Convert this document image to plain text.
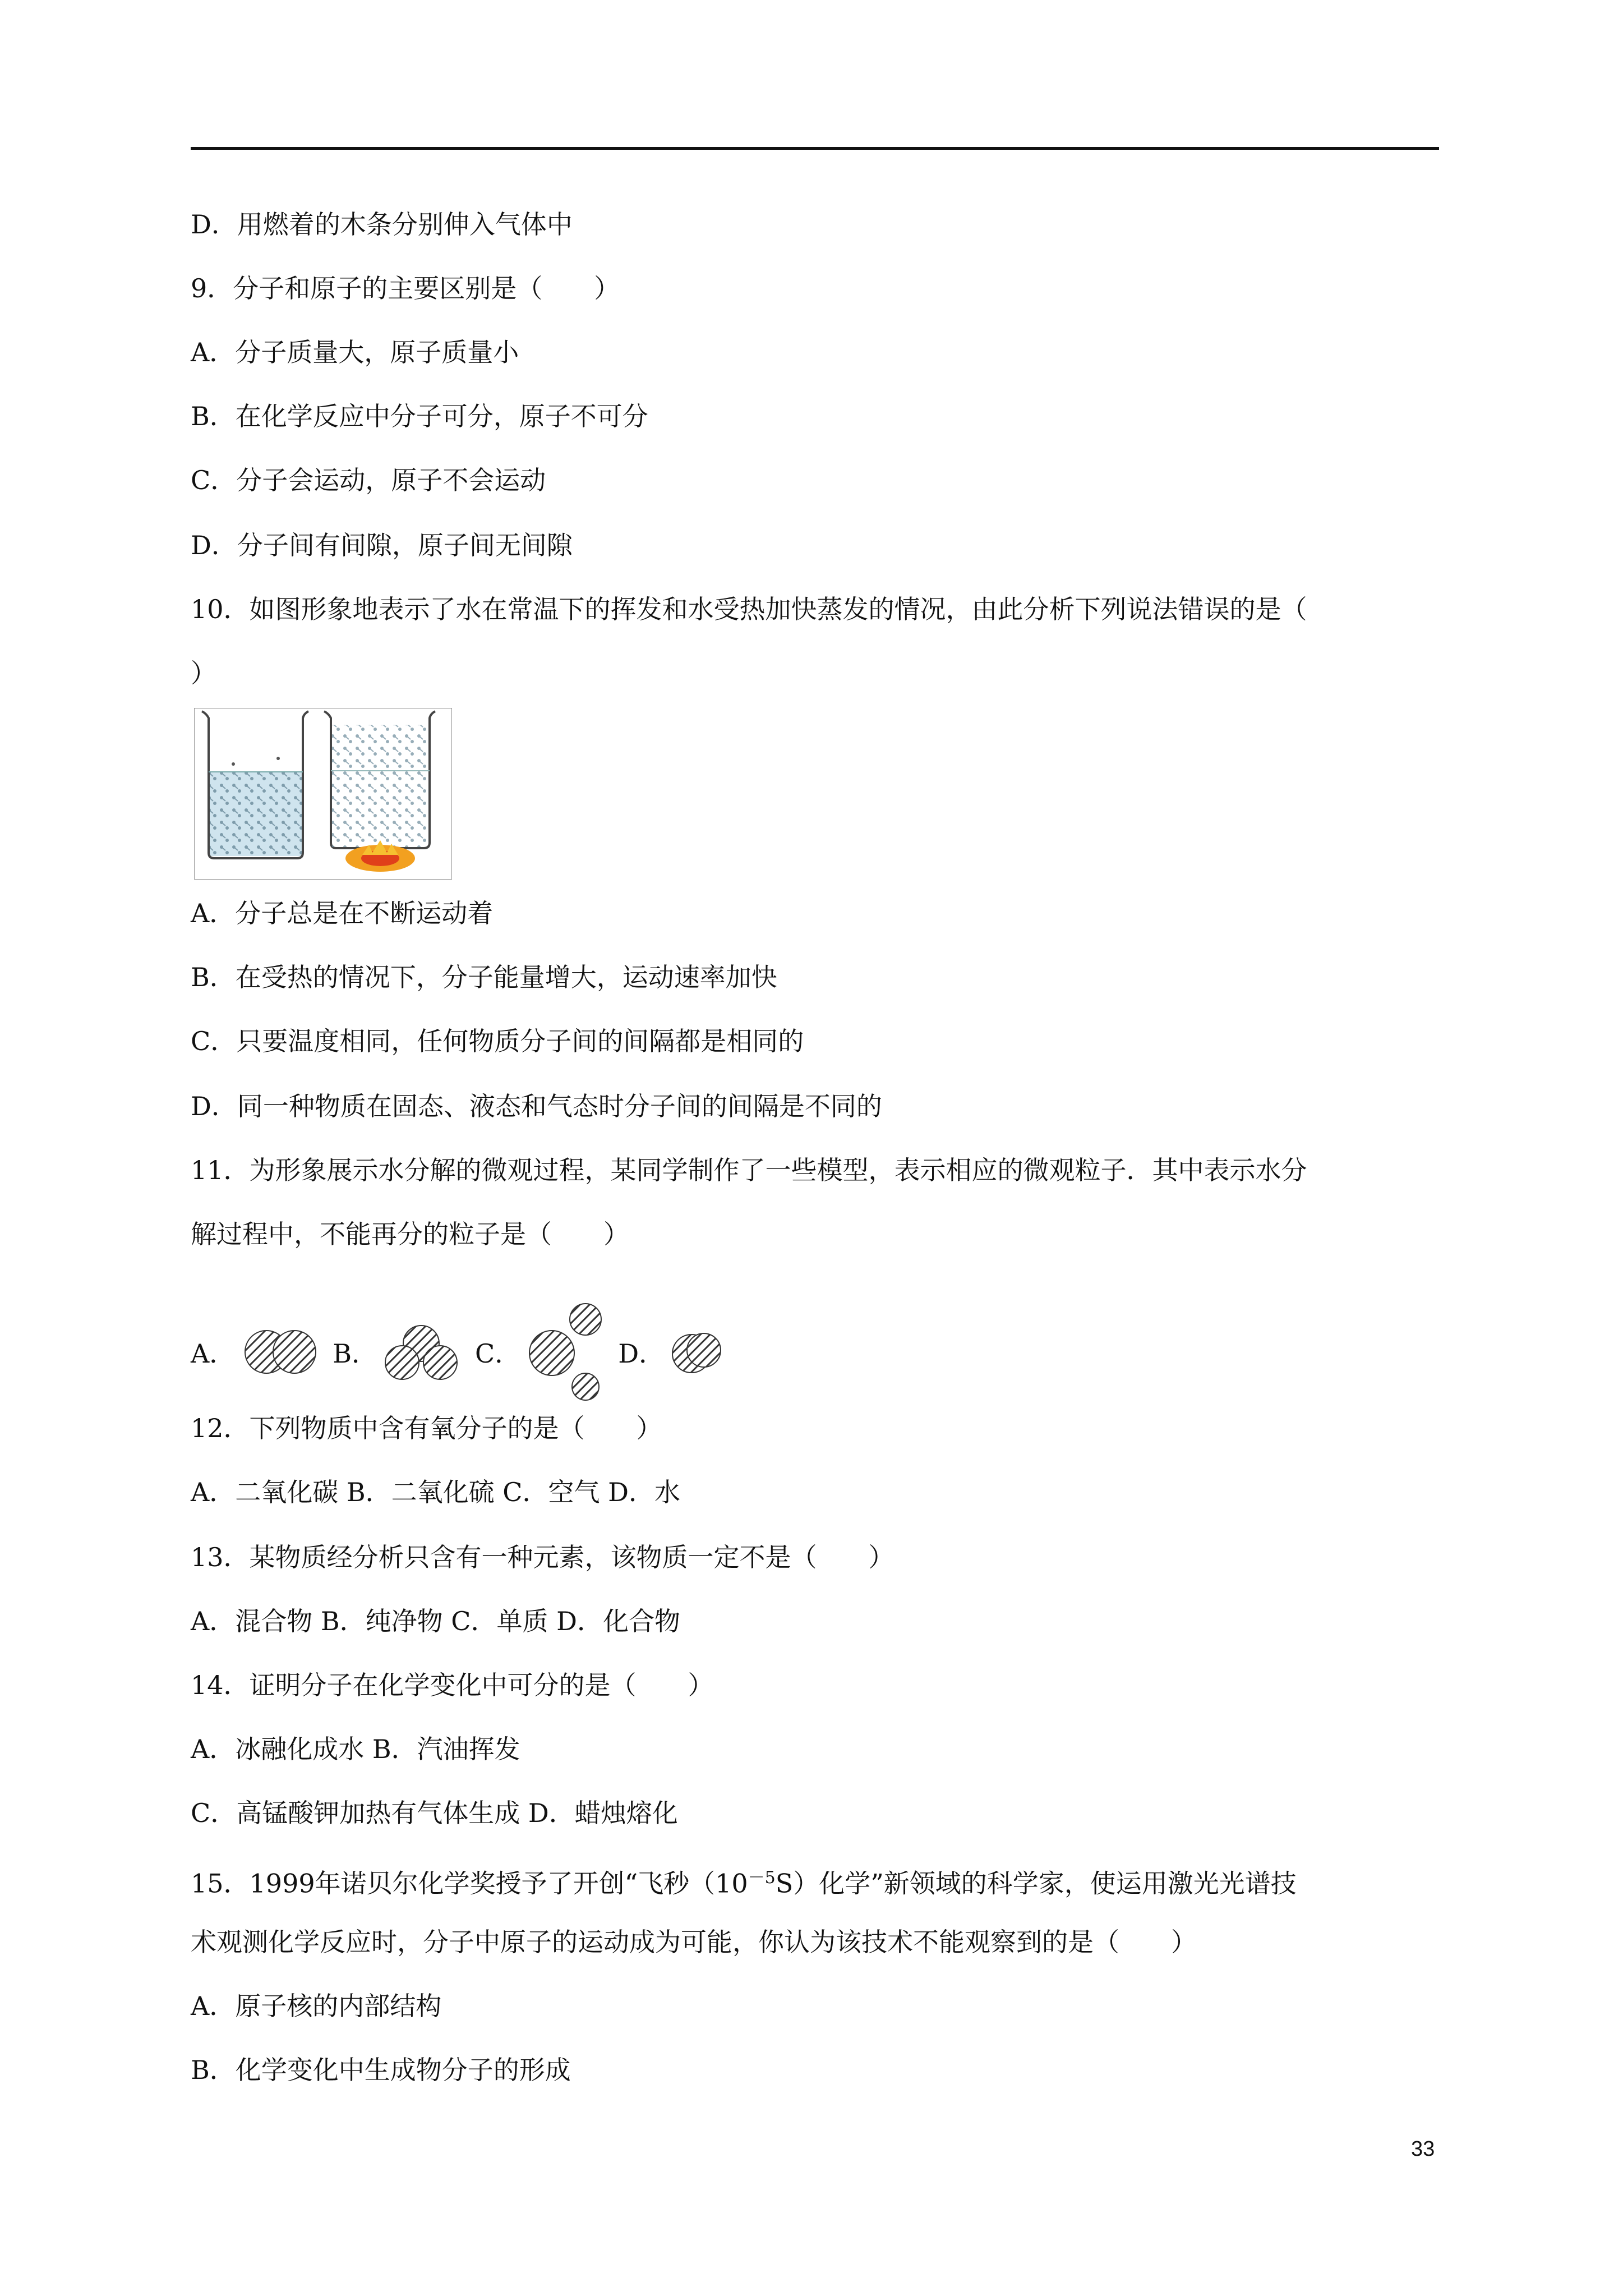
D．用燃着的木条分别伸入气体中
9．分子和原子的主要区别是（　　）
A．分子质量大，原子质量小
B．在化学反应中分子可分，原子不可分
C．分子会运动，原子不会运动
D．分子间有间隙，原子间无间隙
10．如图形象地表示了水在常温下的挥发和水受热加快蒸发的情况，由此分析下列说法错误的是（
）
A．分子总是在不断运动着
B．在受热的情况下，分子能量增大，运动速率加快
C．只要温度相同，任何物质分子间的间隔都是相同的
D．同一种物质在固态、液态和气态时分子间的间隔是不同的
11．为形象展示水分解的微观过程，某同学制作了一些模型，表示相应的微观粒子．其中表示水分
解过程中，不能再分的粒子是（　　）
A．	B．	C．	D．
12．下列物质中含有氧分子的是（　　）
A．二氧化碳 B．二氧化硫 C．空气 D．水
13．某物质经分析只含有一种元素，该物质一定不是（　　）
A．混合物 B．纯净物 C．单质 D．化合物
14．证明分子在化学变化中可分的是（　　）
A．冰融化成水 B．汽油挥发
C．高锰酸钾加热有气体生成 D．蜡烛熔化
15．1999年诺贝尔化学奖授予了开创“飞秒$(10^{-5}S)$化学”新领域的科学家，使运用激光光谱技
术观测化学反应时，分子中原子的运动成为可能，你认为该技术不能观察到的是（　　）
A．原子核的内部结构
B．化学变化中生成物分子的形成
33
